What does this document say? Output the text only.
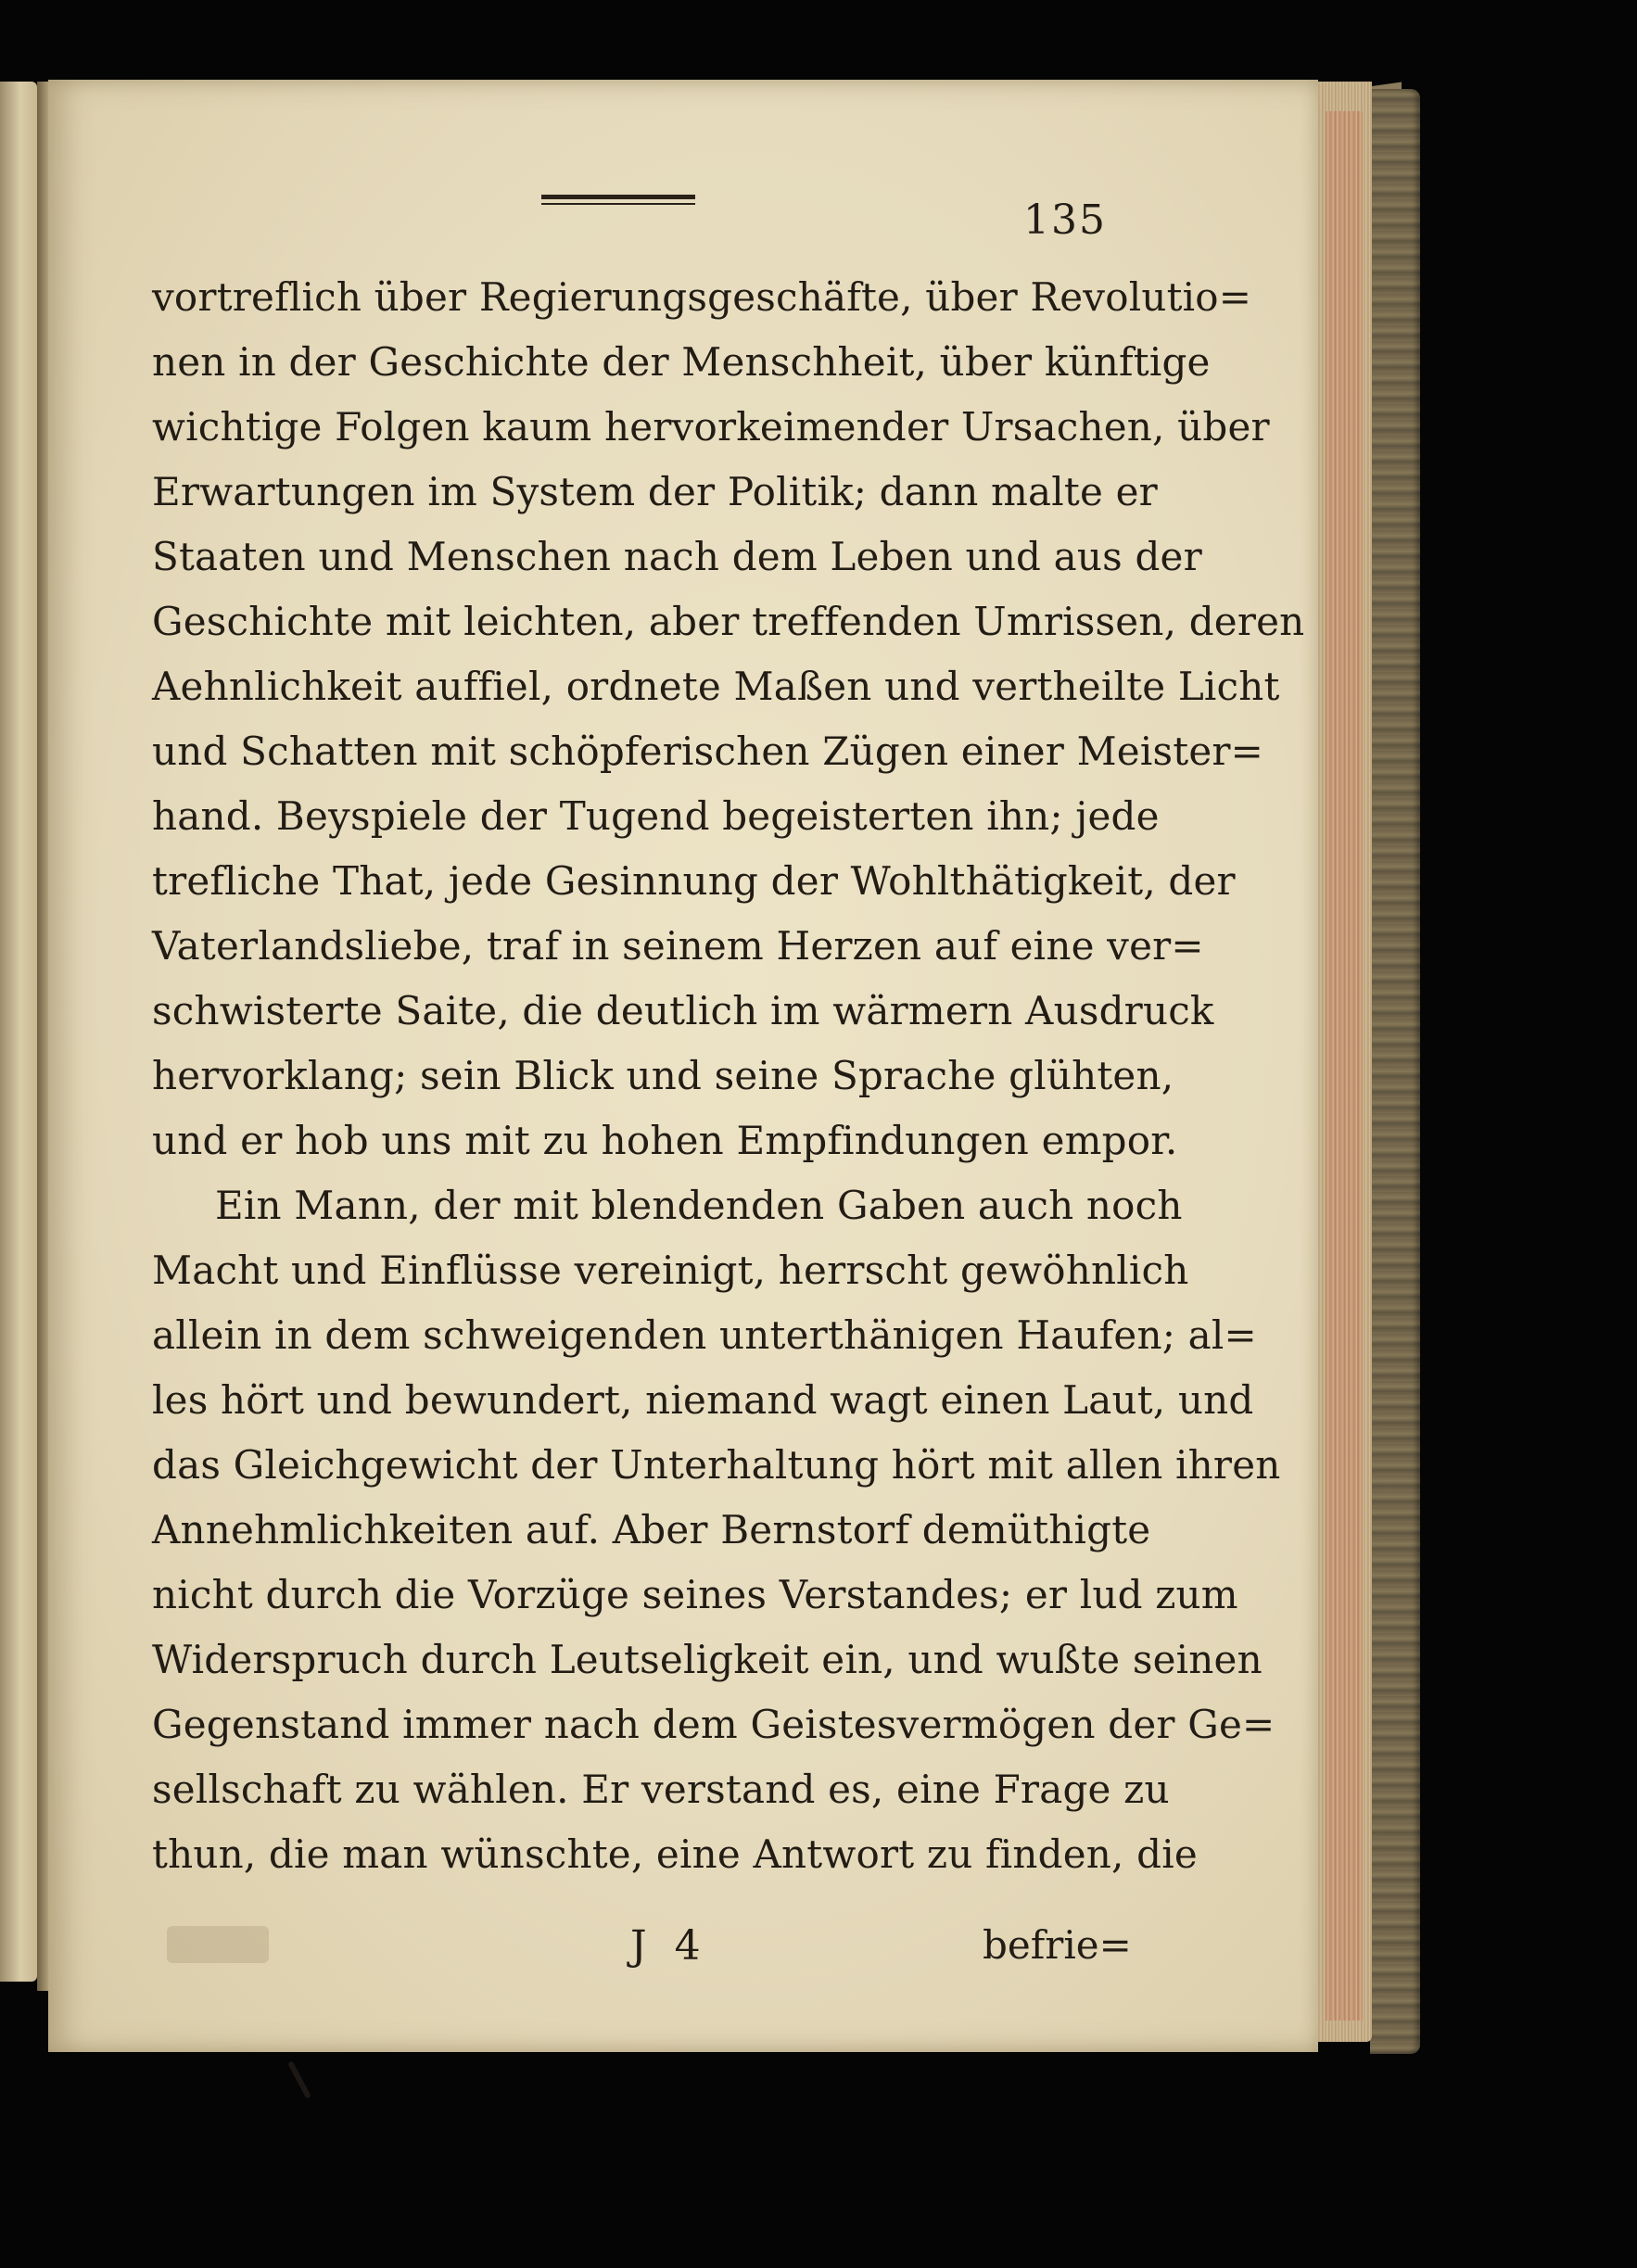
135
vortreflich über Regierungsgeschäfte, über Revolutio=
nen in der Geschichte der Menschheit, über künftige
wichtige Folgen kaum hervorkeimender Ursachen, über
Erwartungen im System der Politik; dann malte er
Staaten und Menschen nach dem Leben und aus der
Geschichte mit leichten, aber treffenden Umrissen, deren
Aehnlichkeit auffiel, ordnete Maßen und vertheilte Licht
und Schatten mit schöpferischen Zügen einer Meister=
hand. Beyspiele der Tugend begeisterten ihn; jede
trefliche That, jede Gesinnung der Wohlthätigkeit, der
Vaterlandsliebe, traf in seinem Herzen auf eine ver=
schwisterte Saite, die deutlich im wärmern Ausdruck
hervorklang; sein Blick und seine Sprache glühten,
und er hob uns mit zu hohen Empfindungen empor.
Ein Mann, der mit blendenden Gaben auch noch
Macht und Einflüsse vereinigt, herrscht gewöhnlich
allein in dem schweigenden unterthänigen Haufen; al=
les hört und bewundert, niemand wagt einen Laut, und
das Gleichgewicht der Unterhaltung hört mit allen ihren
Annehmlichkeiten auf. Aber Bernstorf demüthigte
nicht durch die Vorzüge seines Verstandes; er lud zum
Widerspruch durch Leutseligkeit ein, und wußte seinen
Gegenstand immer nach dem Geistesvermögen der Ge=
sellschaft zu wählen. Er verstand es, eine Frage zu
thun, die man wünschte, eine Antwort zu finden, die
J 4	befrie=
